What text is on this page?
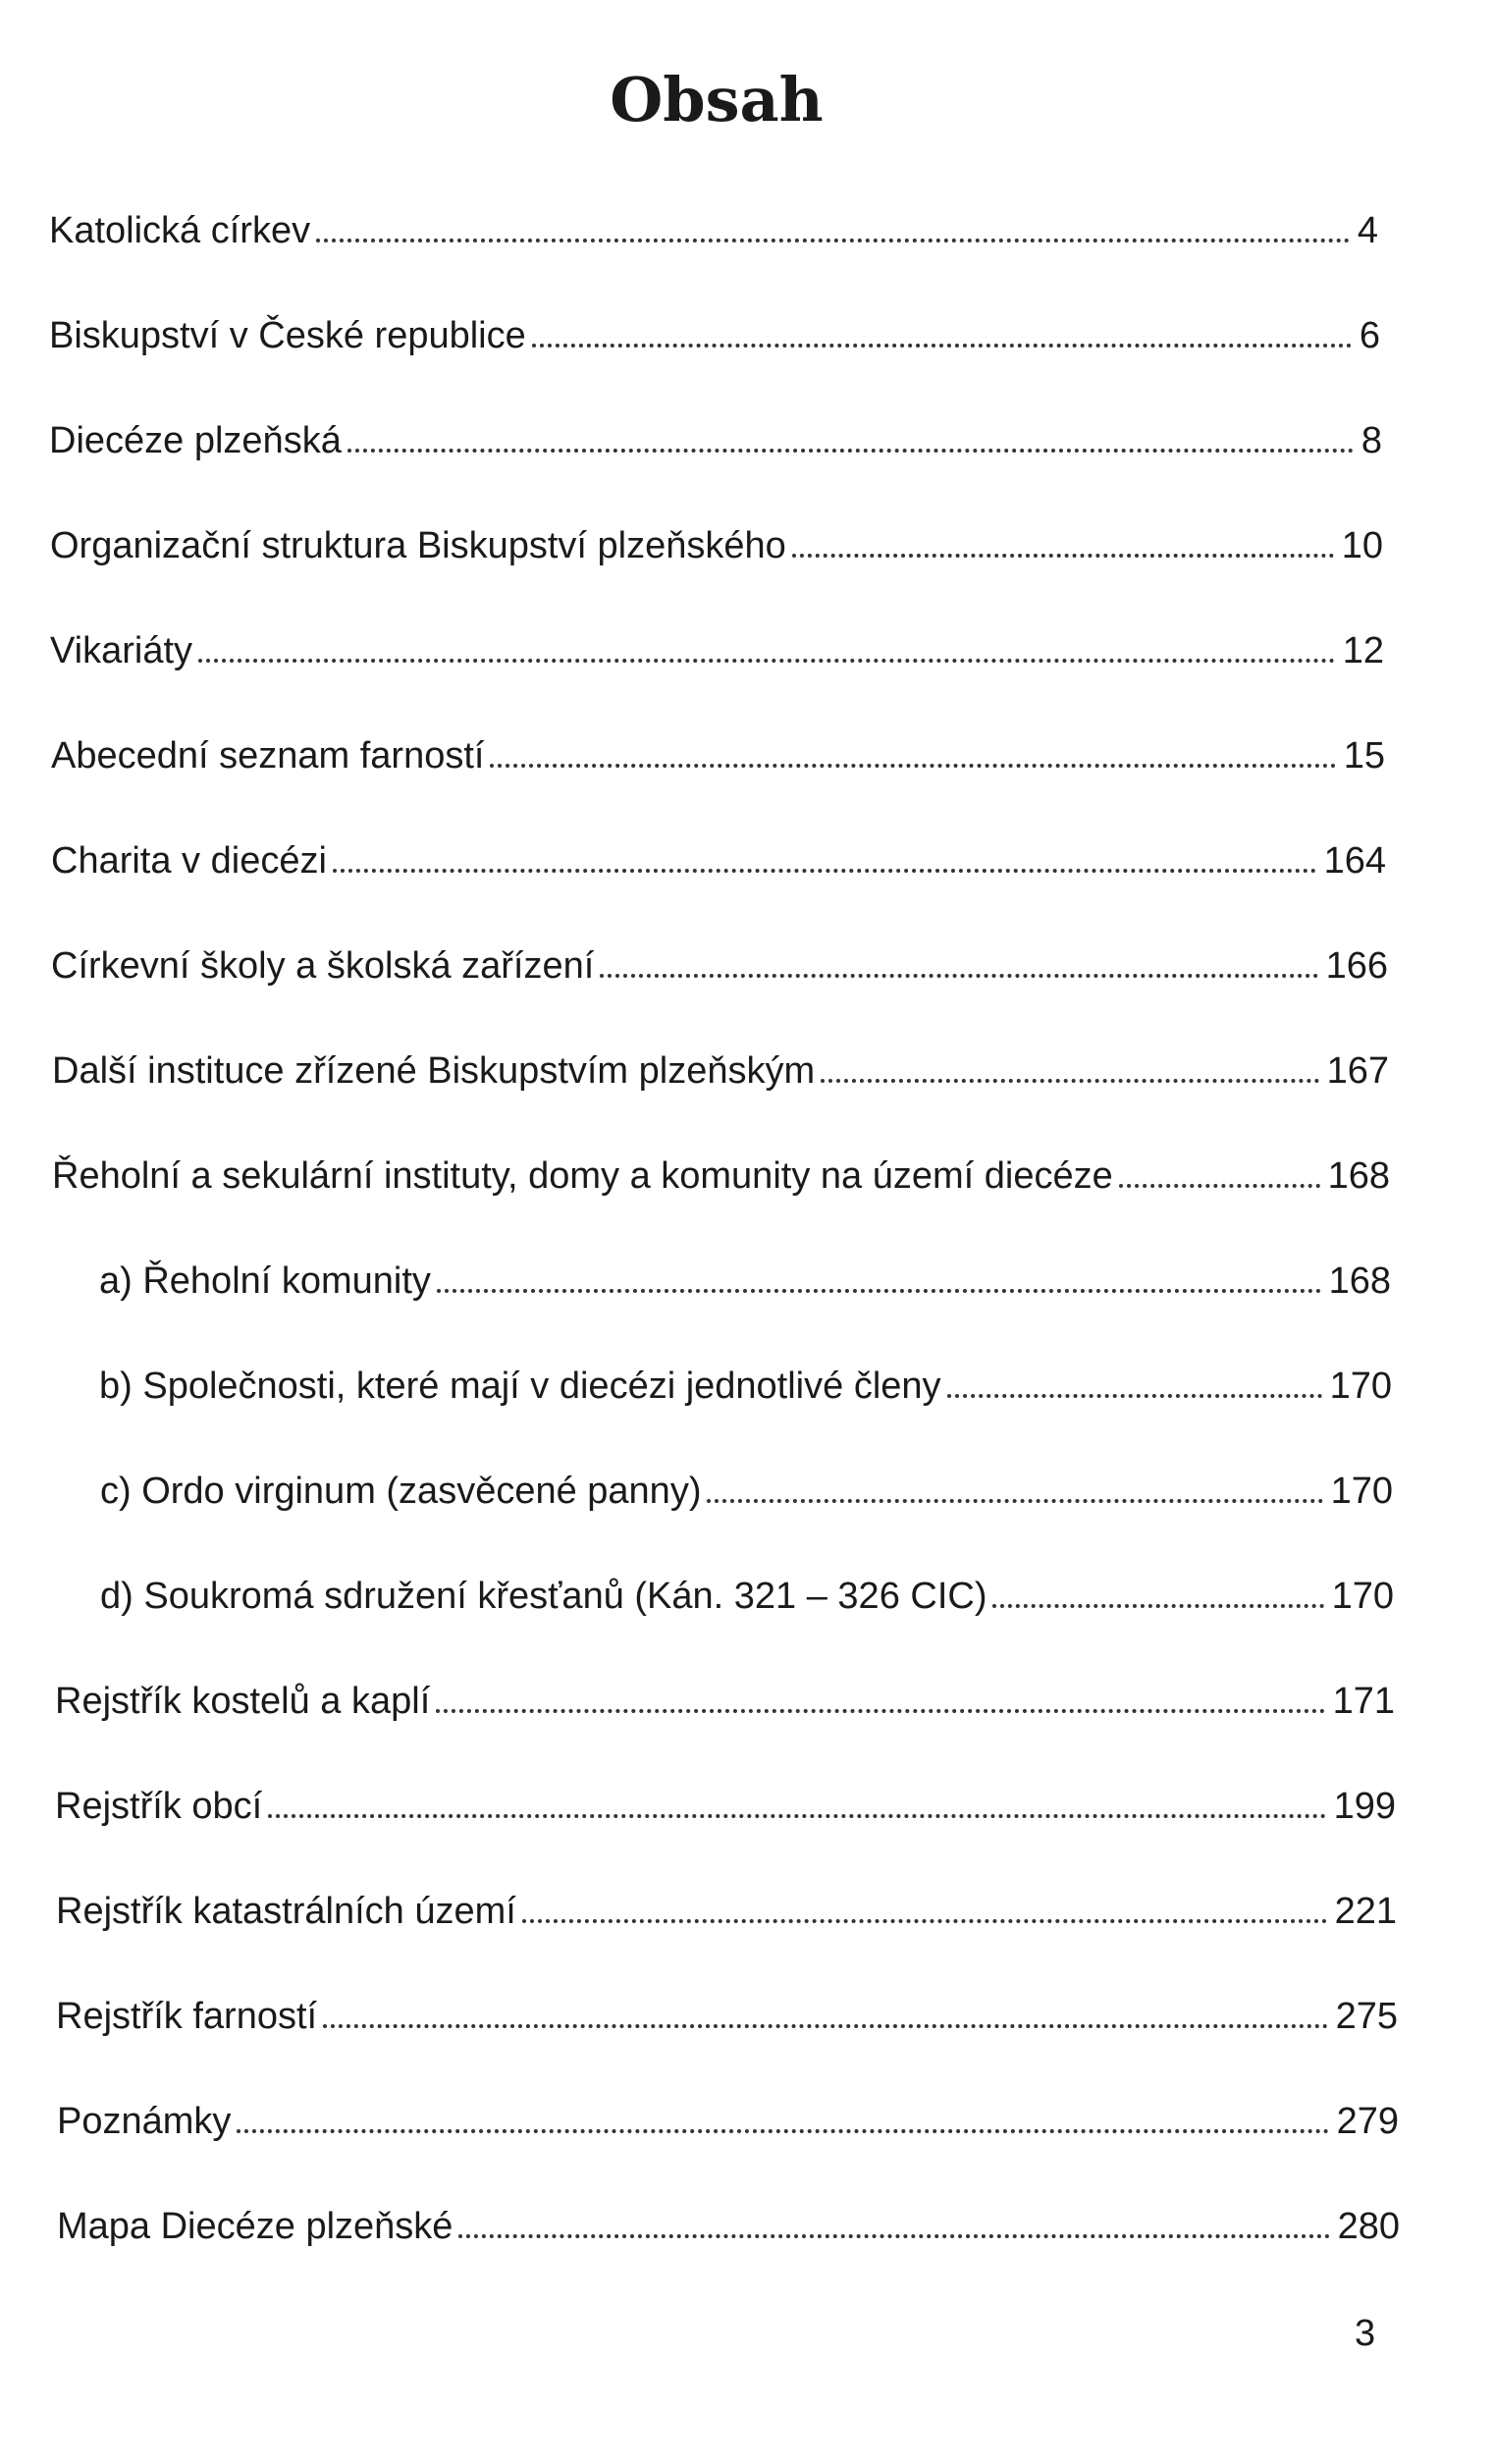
Obsah
Katolická církev	4
Biskupství v České republice	6
Diecéze plzeňská	8
Organizační struktura Biskupství plzeňského	10
Vikariáty	12
Abecední seznam farností	15
Charita v diecézi	164
Církevní školy a školská zařízení	166
Další instituce zřízené Biskupstvím plzeňským	167
Řeholní a sekulární instituty, domy a komunity na území diecéze	168
a) Řeholní komunity	168
b) Společnosti, které mají v diecézi jednotlivé členy	170
c) Ordo virginum (zasvěcené panny)	170
d) Soukromá sdružení křesťanů (Kán. 321 – 326 CIC)	170
Rejstřík kostelů a kaplí	171
Rejstřík obcí	199
Rejstřík katastrálních území	221
Rejstřík farností	275
Poznámky	279
Mapa Diecéze plzeňské	280
3
